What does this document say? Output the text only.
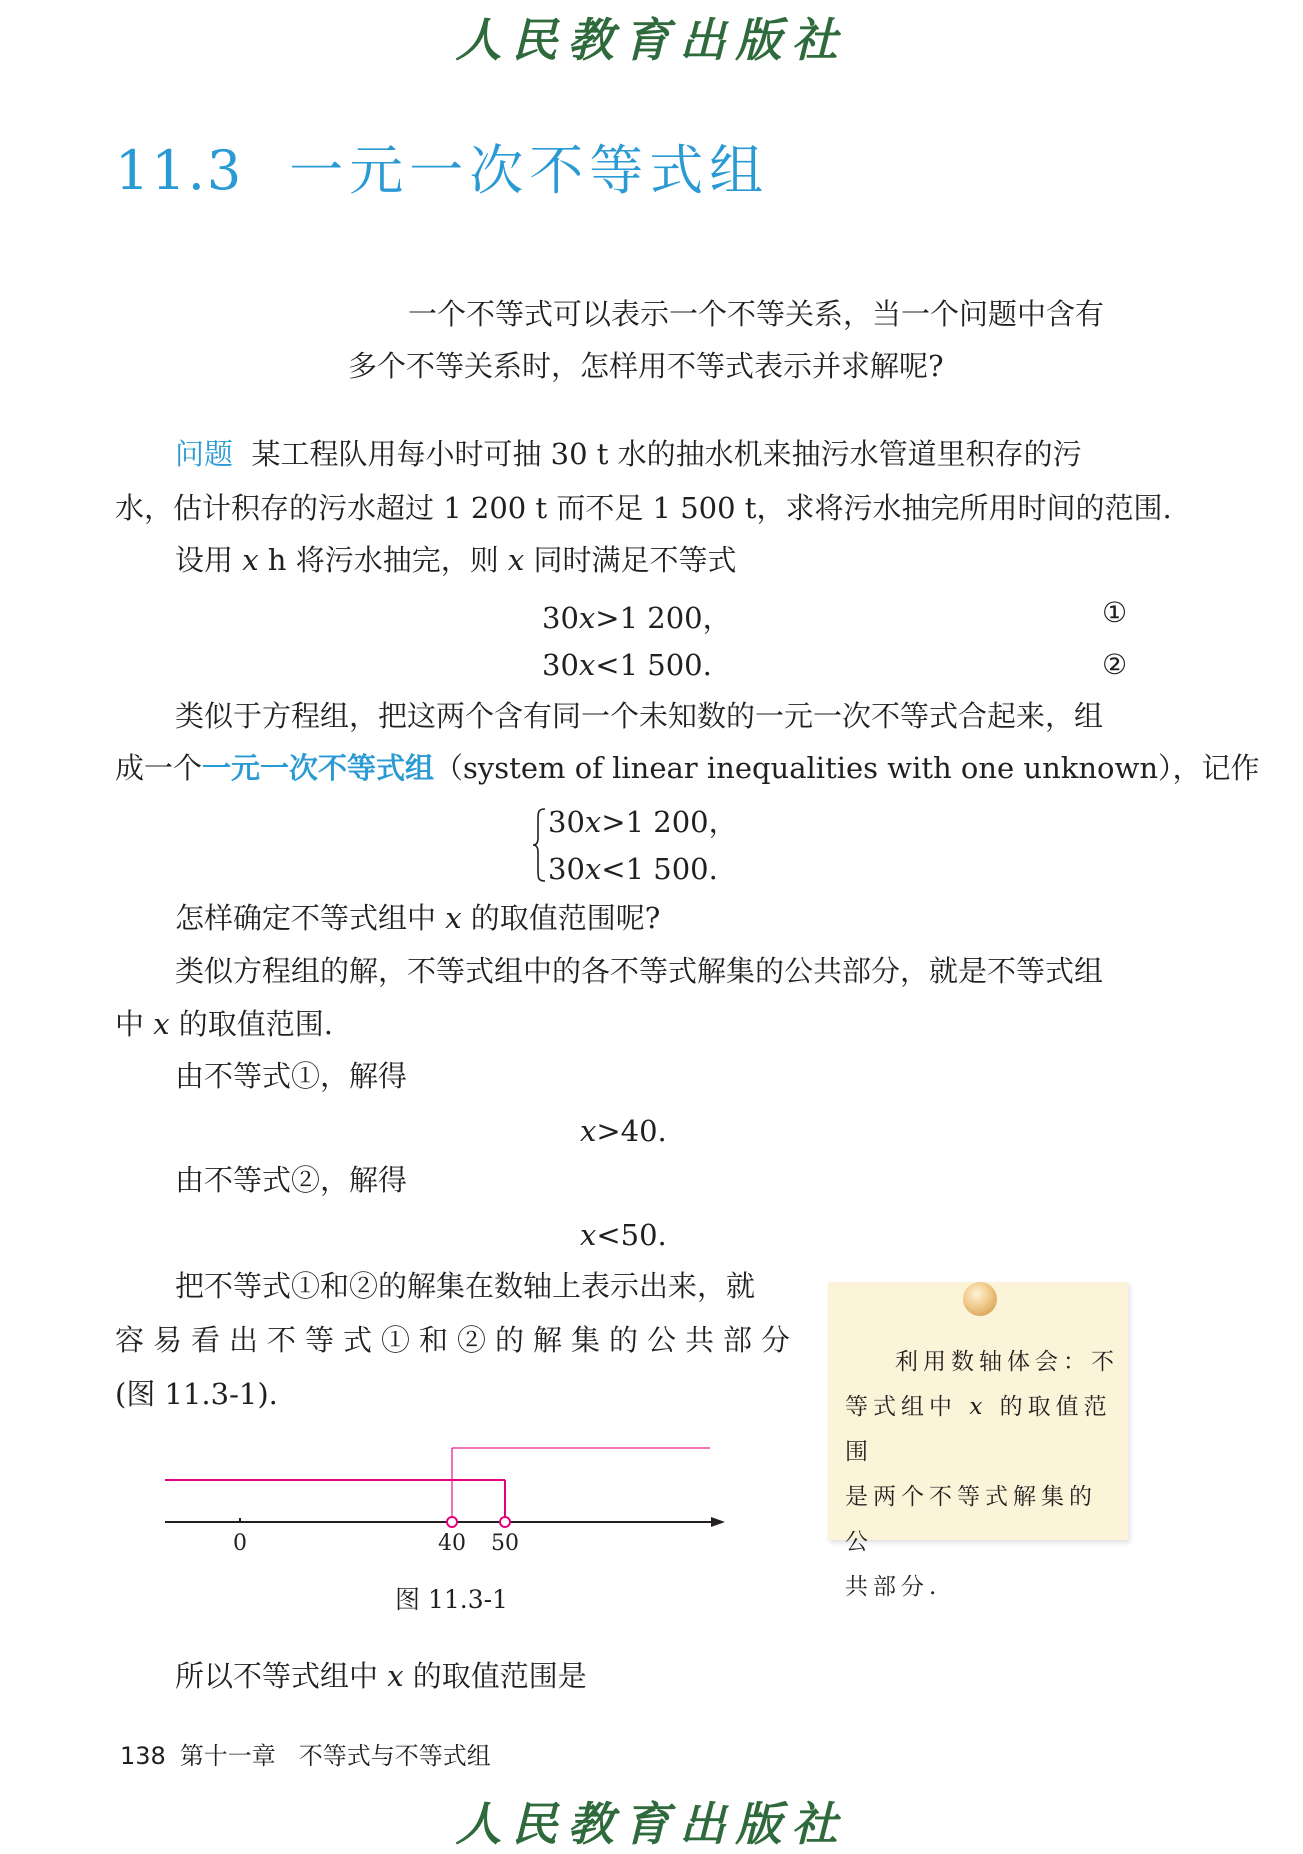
人民教育出版社
11.3 一元一次不等式组
一个不等式可以表示一个不等关系，当一个问题中含有
多个不等关系时，怎样用不等式表示并求解呢?
问题 某工程队用每小时可抽 30 t 水的抽水机来抽污水管道里积存的污
水，估计积存的污水超过 1 200 t 而不足 1 500 t，求将污水抽完所用时间的范围.
设用 x h 将污水抽完，则 x 同时满足不等式
30x>1 200，	①
30x<1 500.	②
类似于方程组，把这两个含有同一个未知数的一元一次不等式合起来，组
成一个一元一次不等式组（system of linear inequalities with one unknown），记作
30x>1 200，
30x<1 500.
怎样确定不等式组中 x 的取值范围呢?
类似方程组的解，不等式组中的各不等式解集的公共部分，就是不等式组
中 x 的取值范围.
由不等式①，解得
x>40.
由不等式②，解得
x<50.
把不等式①和②的解集在数轴上表示出来，就
容易看出不等式①和②的解集的公共部分
(图 11.3-1).
利用数轴体会：不
等式组中 x 的取值范围
是两个不等式解集的公
共部分.
0	40 50
图 11.3-1
所以不等式组中 x 的取值范围是
138 第十一章 不等式与不等式组
人民教育出版社
